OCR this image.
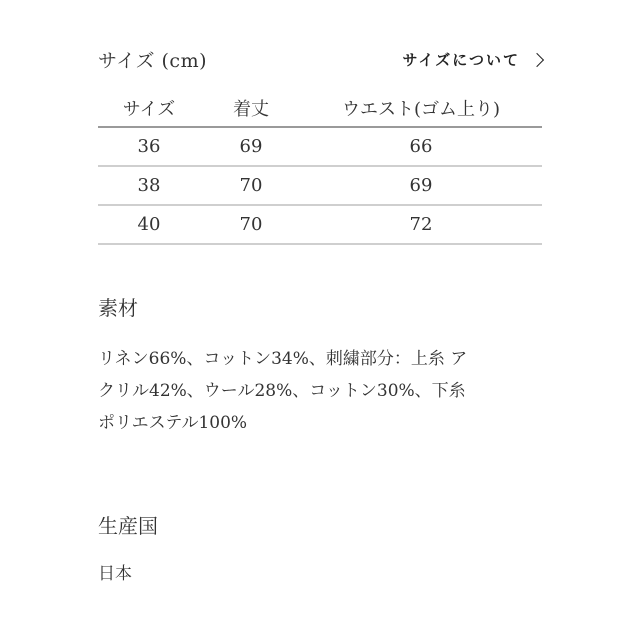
サイズ (cm)	サイズについて
サイズ	着丈	ウエスト(ゴム上り)
36	69	66
38	70	69
40	70	72
素材
リネン66%、コットン34%、刺繍部分：上糸 ア
クリル42%、ウール28%、コットン30%、下糸
ポリエステル100%
生産国
日本
